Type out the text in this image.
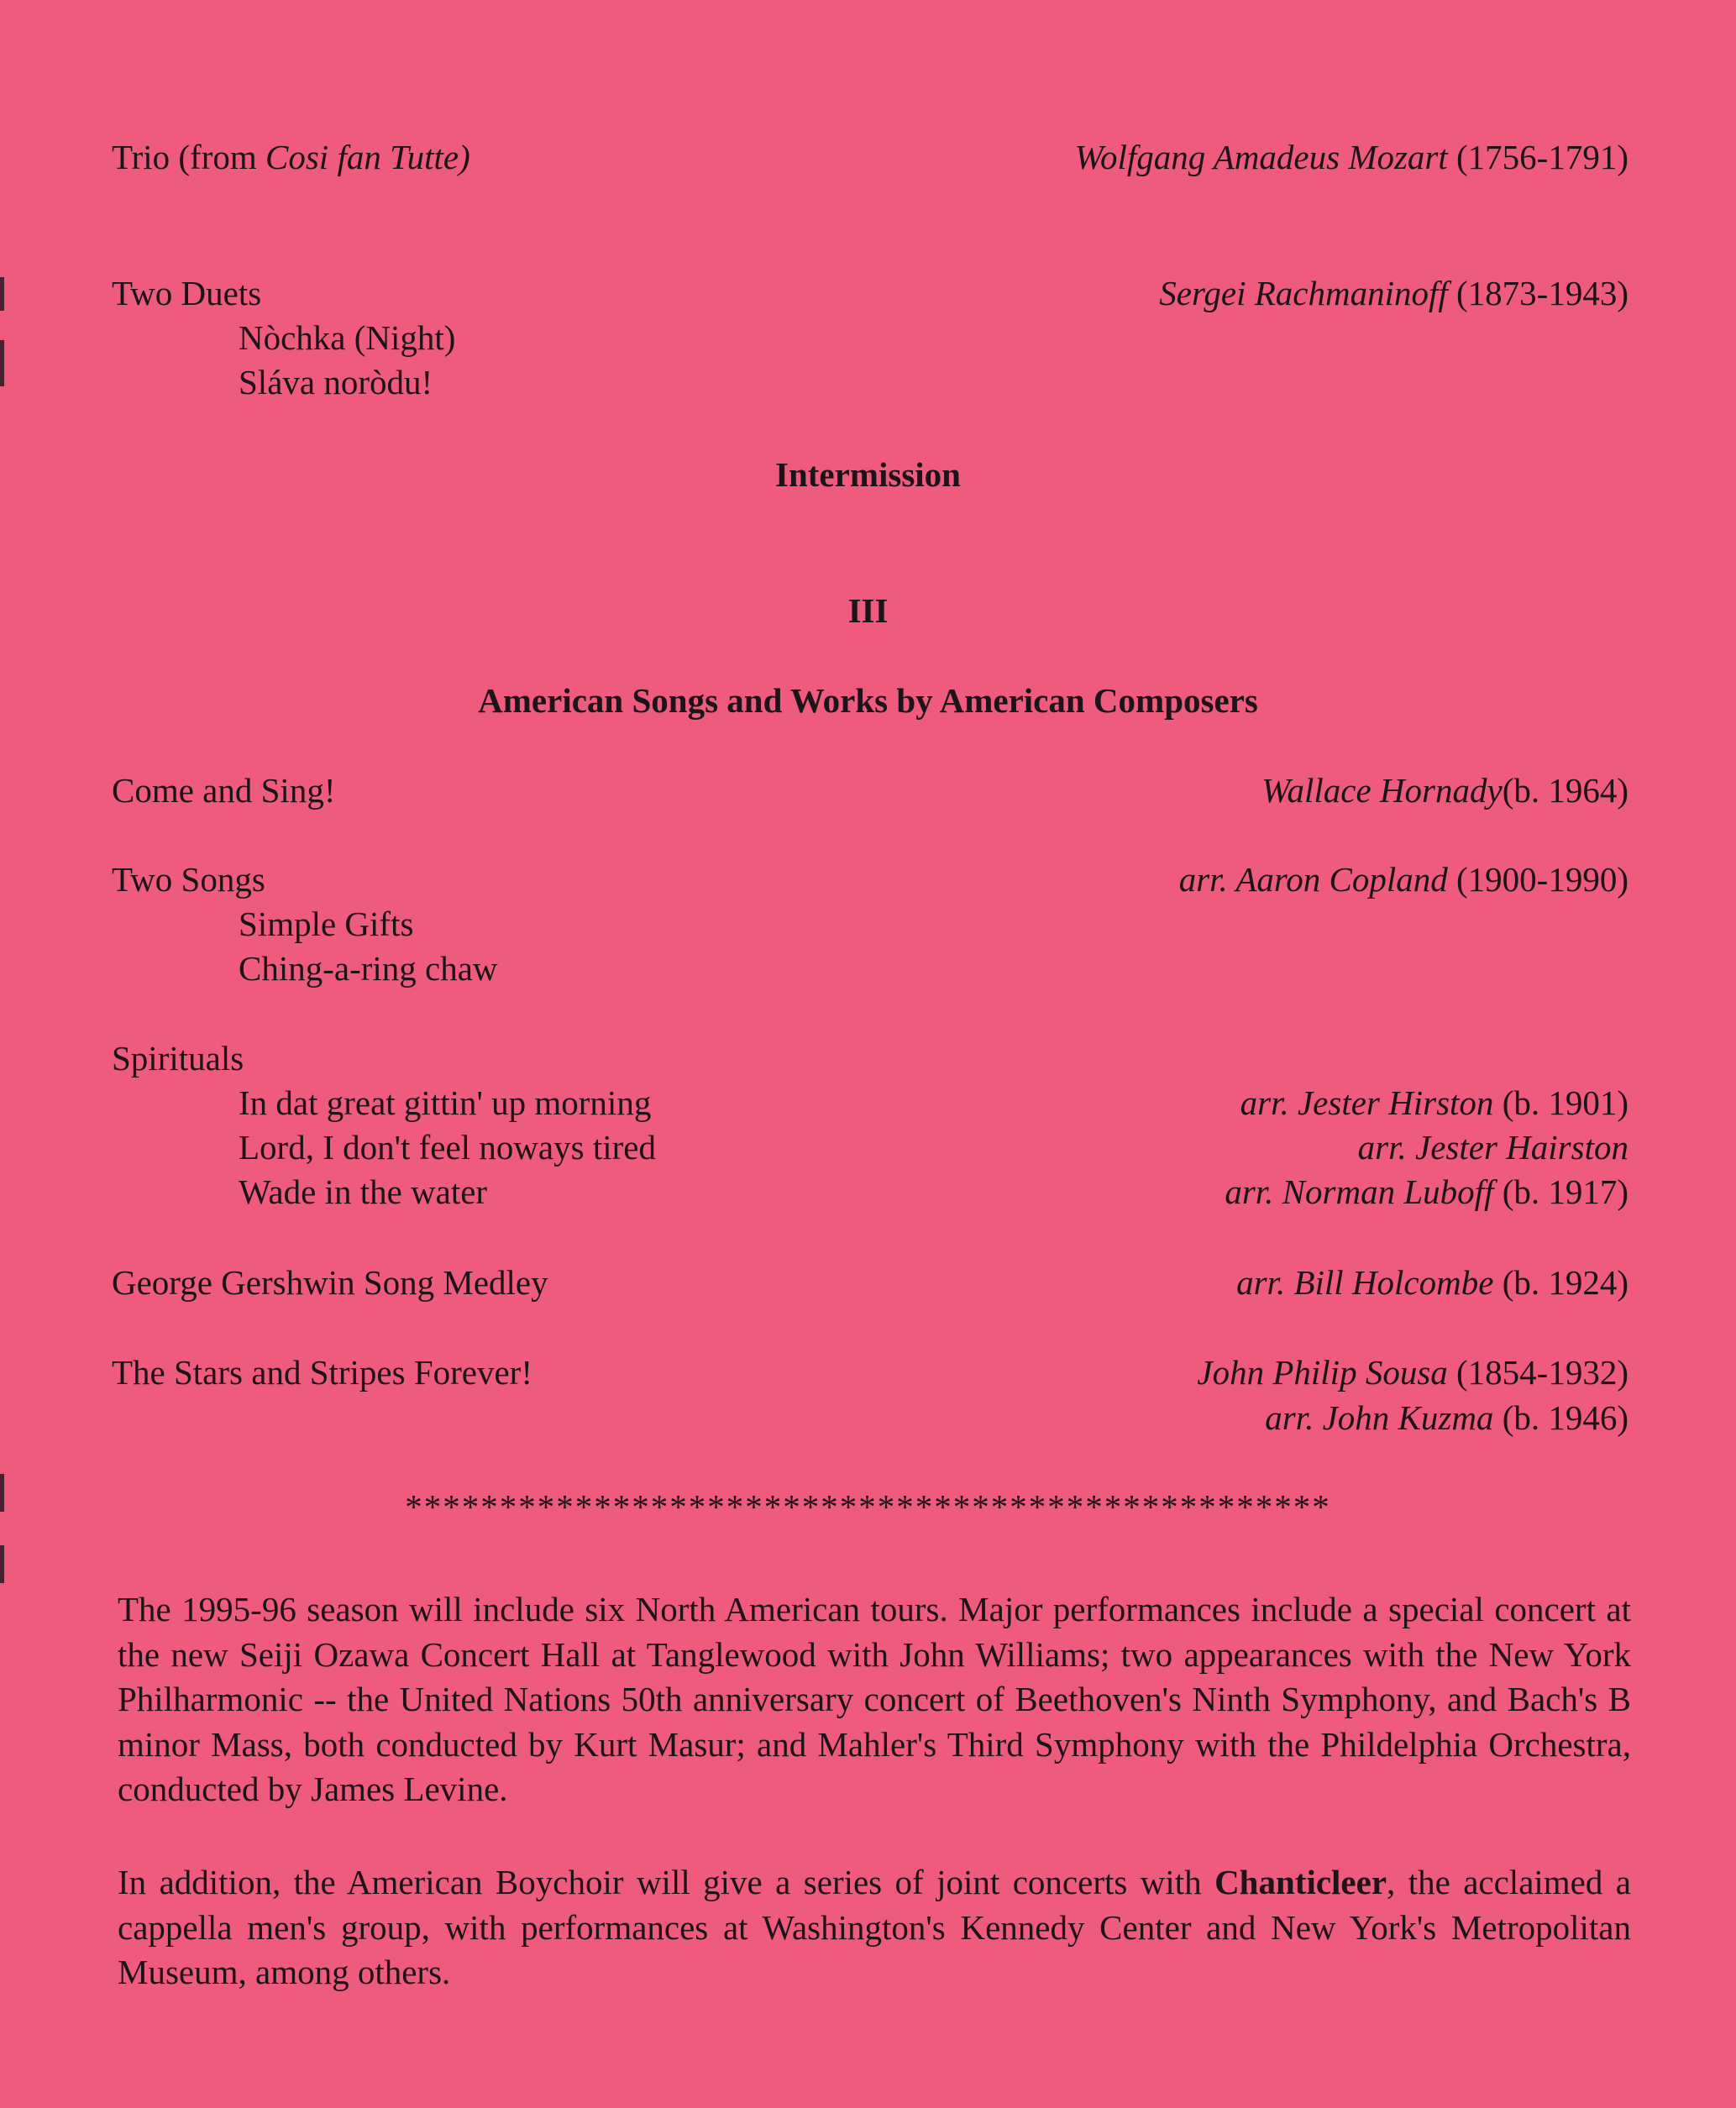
Trio (from Cosi fan Tutte)	Wolfgang Amadeus Mozart (1756-1791)
Two Duets	Sergei Rachmaninoff (1873-1943)
Nòchka (Night)
Sláva noròdu!
Intermission
III
American Songs and Works by American Composers
Come and Sing!	Wallace Hornady(b. 1964)
Two Songs	arr. Aaron Copland (1900-1990)
Simple Gifts
Ching-a-ring chaw
Spirituals
In dat great gittin' up morning	arr. Jester Hirston (b. 1901)
Lord, I don't feel noways tired	arr. Jester Hairston
Wade in the water	arr. Norman Luboff (b. 1917)
George Gershwin Song Medley	arr. Bill Holcombe (b. 1924)
The Stars and Stripes Forever!	John Philip Sousa (1854-1932)
arr. John Kuzma (b. 1946)
*************************************************
The 1995-96 season will include six North American tours. Major performances include a special concert at the new Seiji Ozawa Concert Hall at Tanglewood with John Williams; two appearances with the New York Philharmonic -- the United Nations 50th anniversary concert of Beethoven's Ninth Symphony, and Bach's B minor Mass, both conducted by Kurt Masur; and Mahler's Third Symphony with the Phildelphia Orchestra, conducted by James Levine.
In addition, the American Boychoir will give a series of joint concerts with Chanticleer, the acclaimed a cappella men's group, with performances at Washington's Kennedy Center and New York's Metropolitan Museum, among others.
